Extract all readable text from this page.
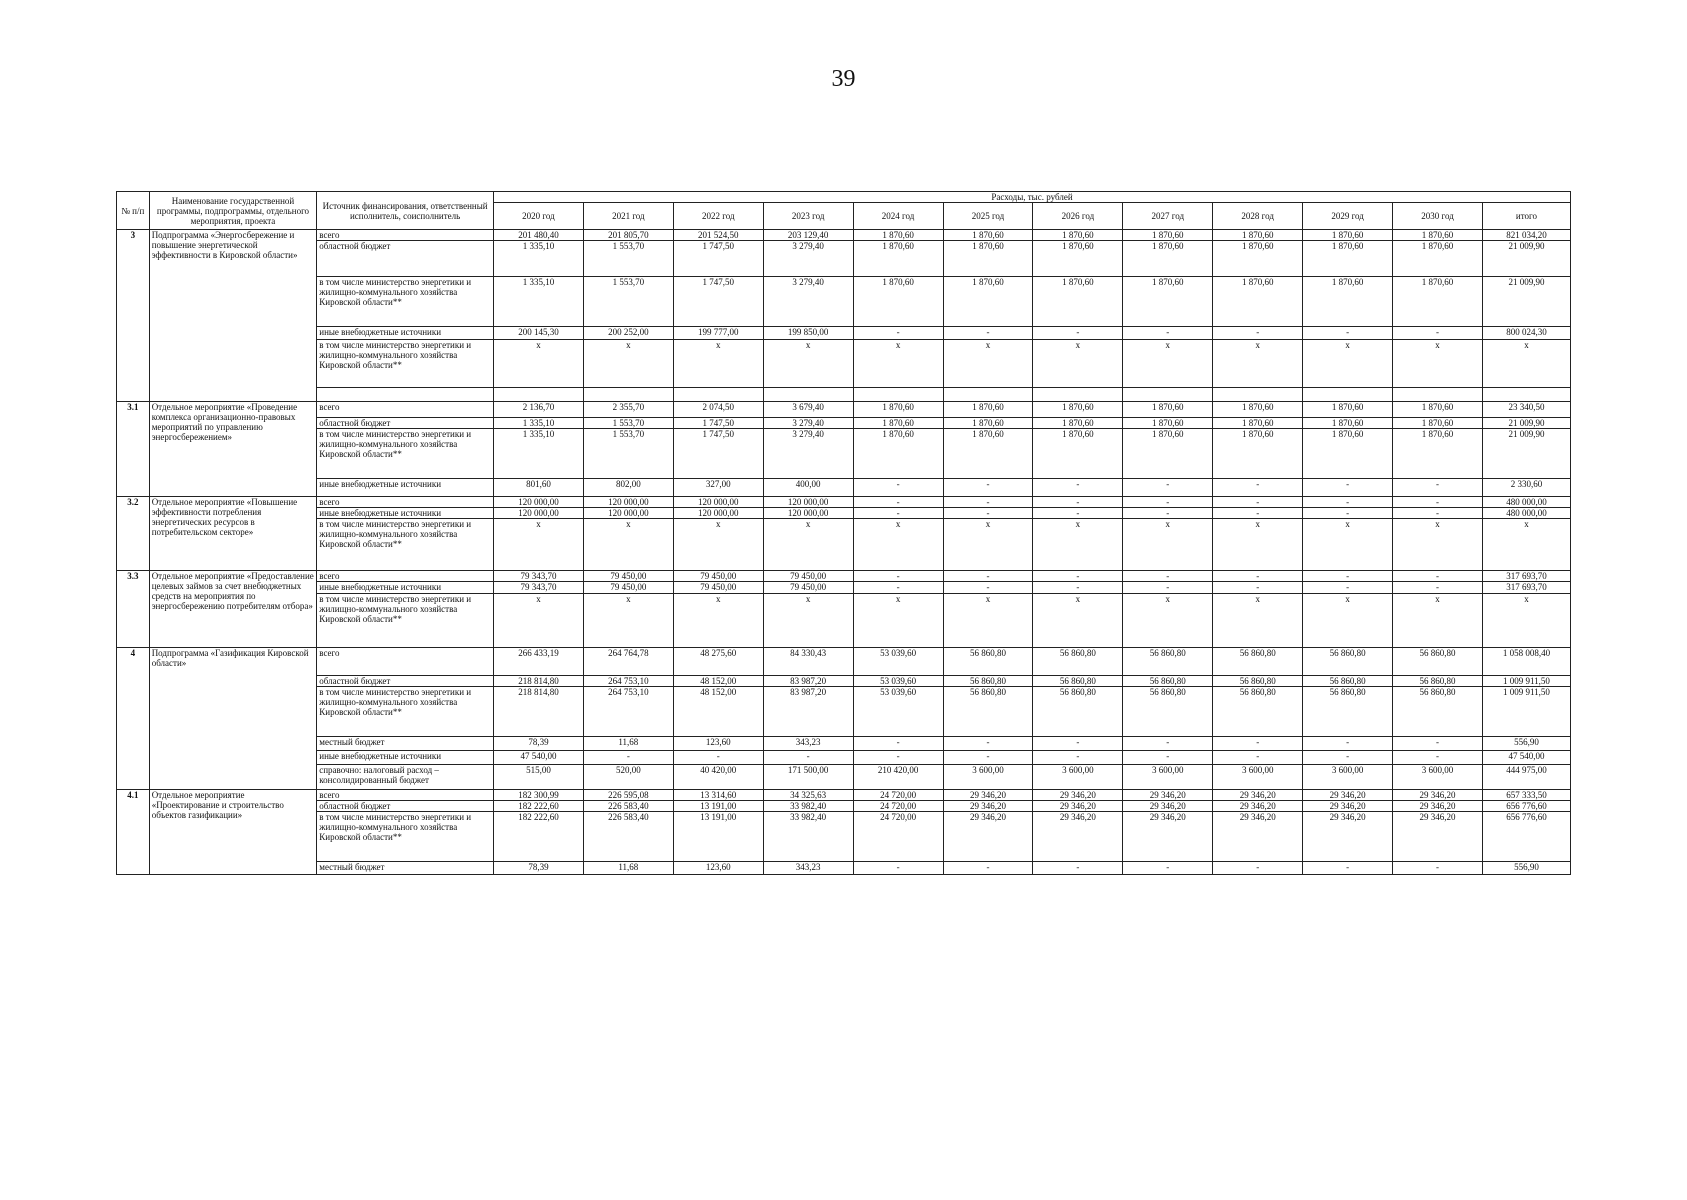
39
№ п/п	Наименование государственной программы, подпрограммы, отдельного мероприятия, проекта	Источник финансирования, ответственный исполнитель, соисполнитель	Расходы, тыс. рублей											
			2020 год	2021 год	2022 год	2023 год	2024 год	2025 год	2026 год	2027 год	2028 год	2029 год	2030 год	итого
3	Подпрограмма «Энергосбережение и повышение энергетической эффективности в Кировской области»	всего	201 480,40	201 805,70	201 524,50	203 129,40	1 870,60	1 870,60	1 870,60	1 870,60	1 870,60	1 870,60	1 870,60	821 034,20
		областной бюджет	1 335,10	1 553,70	1 747,50	3 279,40	1 870,60	1 870,60	1 870,60	1 870,60	1 870,60	1 870,60	1 870,60	21 009,90
		в том числе министерство энергетики и жилищно-коммунального хозяйства Кировской области**	1 335,10	1 553,70	1 747,50	3 279,40	1 870,60	1 870,60	1 870,60	1 870,60	1 870,60	1 870,60	1 870,60	21 009,90
		иные внебюджетные источники	200 145,30	200 252,00	199 777,00	199 850,00	-	-	-	-	-	-	-	800 024,30
		в том числе министерство энергетики и жилищно-коммунального хозяйства Кировской области**	x	x	x	x	x	x	x	x	x	x	x	x

3.1	Отдельное мероприятие «Проведение комплекса организационно-правовых мероприятий по управлению энергосбережением»	всего	2 136,70	2 355,70	2 074,50	3 679,40	1 870,60	1 870,60	1 870,60	1 870,60	1 870,60	1 870,60	1 870,60	23 340,50
		областной бюджет	1 335,10	1 553,70	1 747,50	3 279,40	1 870,60	1 870,60	1 870,60	1 870,60	1 870,60	1 870,60	1 870,60	21 009,90
		в том числе министерство энергетики и жилищно-коммунального хозяйства Кировской области**	1 335,10	1 553,70	1 747,50	3 279,40	1 870,60	1 870,60	1 870,60	1 870,60	1 870,60	1 870,60	1 870,60	21 009,90
		иные внебюджетные источники	801,60	802,00	327,00	400,00	-	-	-	-	-	-	-	2 330,60
3.2	Отдельное мероприятие «Повышение эффективности потребления энергетических ресурсов в потребительском секторе»	всего	120 000,00	120 000,00	120 000,00	120 000,00	-	-	-	-	-	-	-	480 000,00
		иные внебюджетные источники	120 000,00	120 000,00	120 000,00	120 000,00	-	-	-	-	-	-	-	480 000,00
		в том числе министерство энергетики и жилищно-коммунального хозяйства Кировской области**	x	x	x	x	x	x	x	x	x	x	x	x
3.3	Отдельное мероприятие «Предоставление целевых займов за счет внебюджетных средств на мероприятия по энергосбережению потребителям отбора»	всего	79 343,70	79 450,00	79 450,00	79 450,00	-	-	-	-	-	-	-	317 693,70
		иные внебюджетные источники	79 343,70	79 450,00	79 450,00	79 450,00	-	-	-	-	-	-	-	317 693,70
		в том числе министерство энергетики и жилищно-коммунального хозяйства Кировской области**	x	x	x	x	x	x	x	x	x	x	x	x
4	Подпрограмма «Газификация Кировской области»	всего	266 433,19	264 764,78	48 275,60	84 330,43	53 039,60	56 860,80	56 860,80	56 860,80	56 860,80	56 860,80	56 860,80	1 058 008,40
		областной бюджет	218 814,80	264 753,10	48 152,00	83 987,20	53 039,60	56 860,80	56 860,80	56 860,80	56 860,80	56 860,80	56 860,80	1 009 911,50
		в том числе министерство энергетики и жилищно-коммунального хозяйства Кировской области**	218 814,80	264 753,10	48 152,00	83 987,20	53 039,60	56 860,80	56 860,80	56 860,80	56 860,80	56 860,80	56 860,80	1 009 911,50
		местный бюджет	78,39	11,68	123,60	343,23	-	-	-	-	-	-	-	556,90
		иные внебюджетные источники	47 540,00	-	-	-	-	-	-	-	-	-	-	47 540,00
		справочно: налоговый расход – консолидированный бюджет	515,00	520,00	40 420,00	171 500,00	210 420,00	3 600,00	3 600,00	3 600,00	3 600,00	3 600,00	3 600,00	444 975,00
4.1	Отдельное мероприятие «Проектирование и строительство объектов газификации»	всего	182 300,99	226 595,08	13 314,60	34 325,63	24 720,00	29 346,20	29 346,20	29 346,20	29 346,20	29 346,20	29 346,20	657 333,50
		областной бюджет	182 222,60	226 583,40	13 191,00	33 982,40	24 720,00	29 346,20	29 346,20	29 346,20	29 346,20	29 346,20	29 346,20	656 776,60
		в том числе министерство энергетики и жилищно-коммунального хозяйства Кировской области**	182 222,60	226 583,40	13 191,00	33 982,40	24 720,00	29 346,20	29 346,20	29 346,20	29 346,20	29 346,20	29 346,20	656 776,60
		местный бюджет	78,39	11,68	123,60	343,23	-	-	-	-	-	-	-	556,90
